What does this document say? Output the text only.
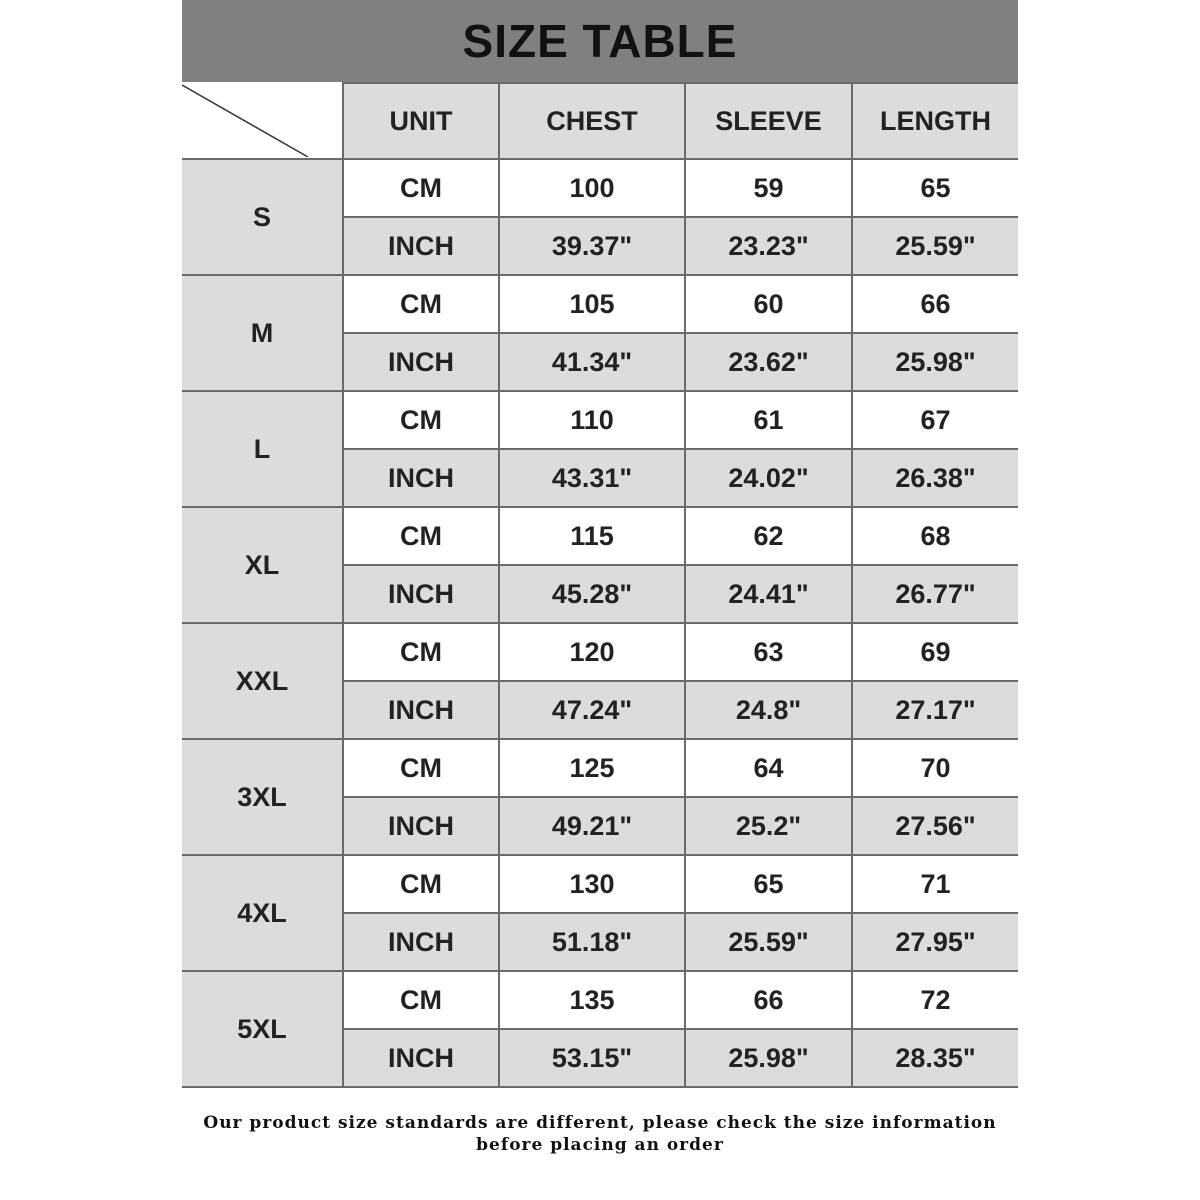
SIZE TABLE
	UNIT	CHEST	SLEEVE	LENGTH
S	CM	100	59	65
	INCH	39.37"	23.23"	25.59"
M	CM	105	60	66
	INCH	41.34"	23.62"	25.98"
L	CM	110	61	67
	INCH	43.31"	24.02"	26.38"
XL	CM	115	62	68
	INCH	45.28"	24.41"	26.77"
XXL	CM	120	63	69
	INCH	47.24"	24.8"	27.17"
3XL	CM	125	64	70
	INCH	49.21"	25.2"	27.56"
4XL	CM	130	65	71
	INCH	51.18"	25.59"	27.95"
5XL	CM	135	66	72
	INCH	53.15"	25.98"	28.35"
Our product size standards are different, please check the size information
before placing an order
